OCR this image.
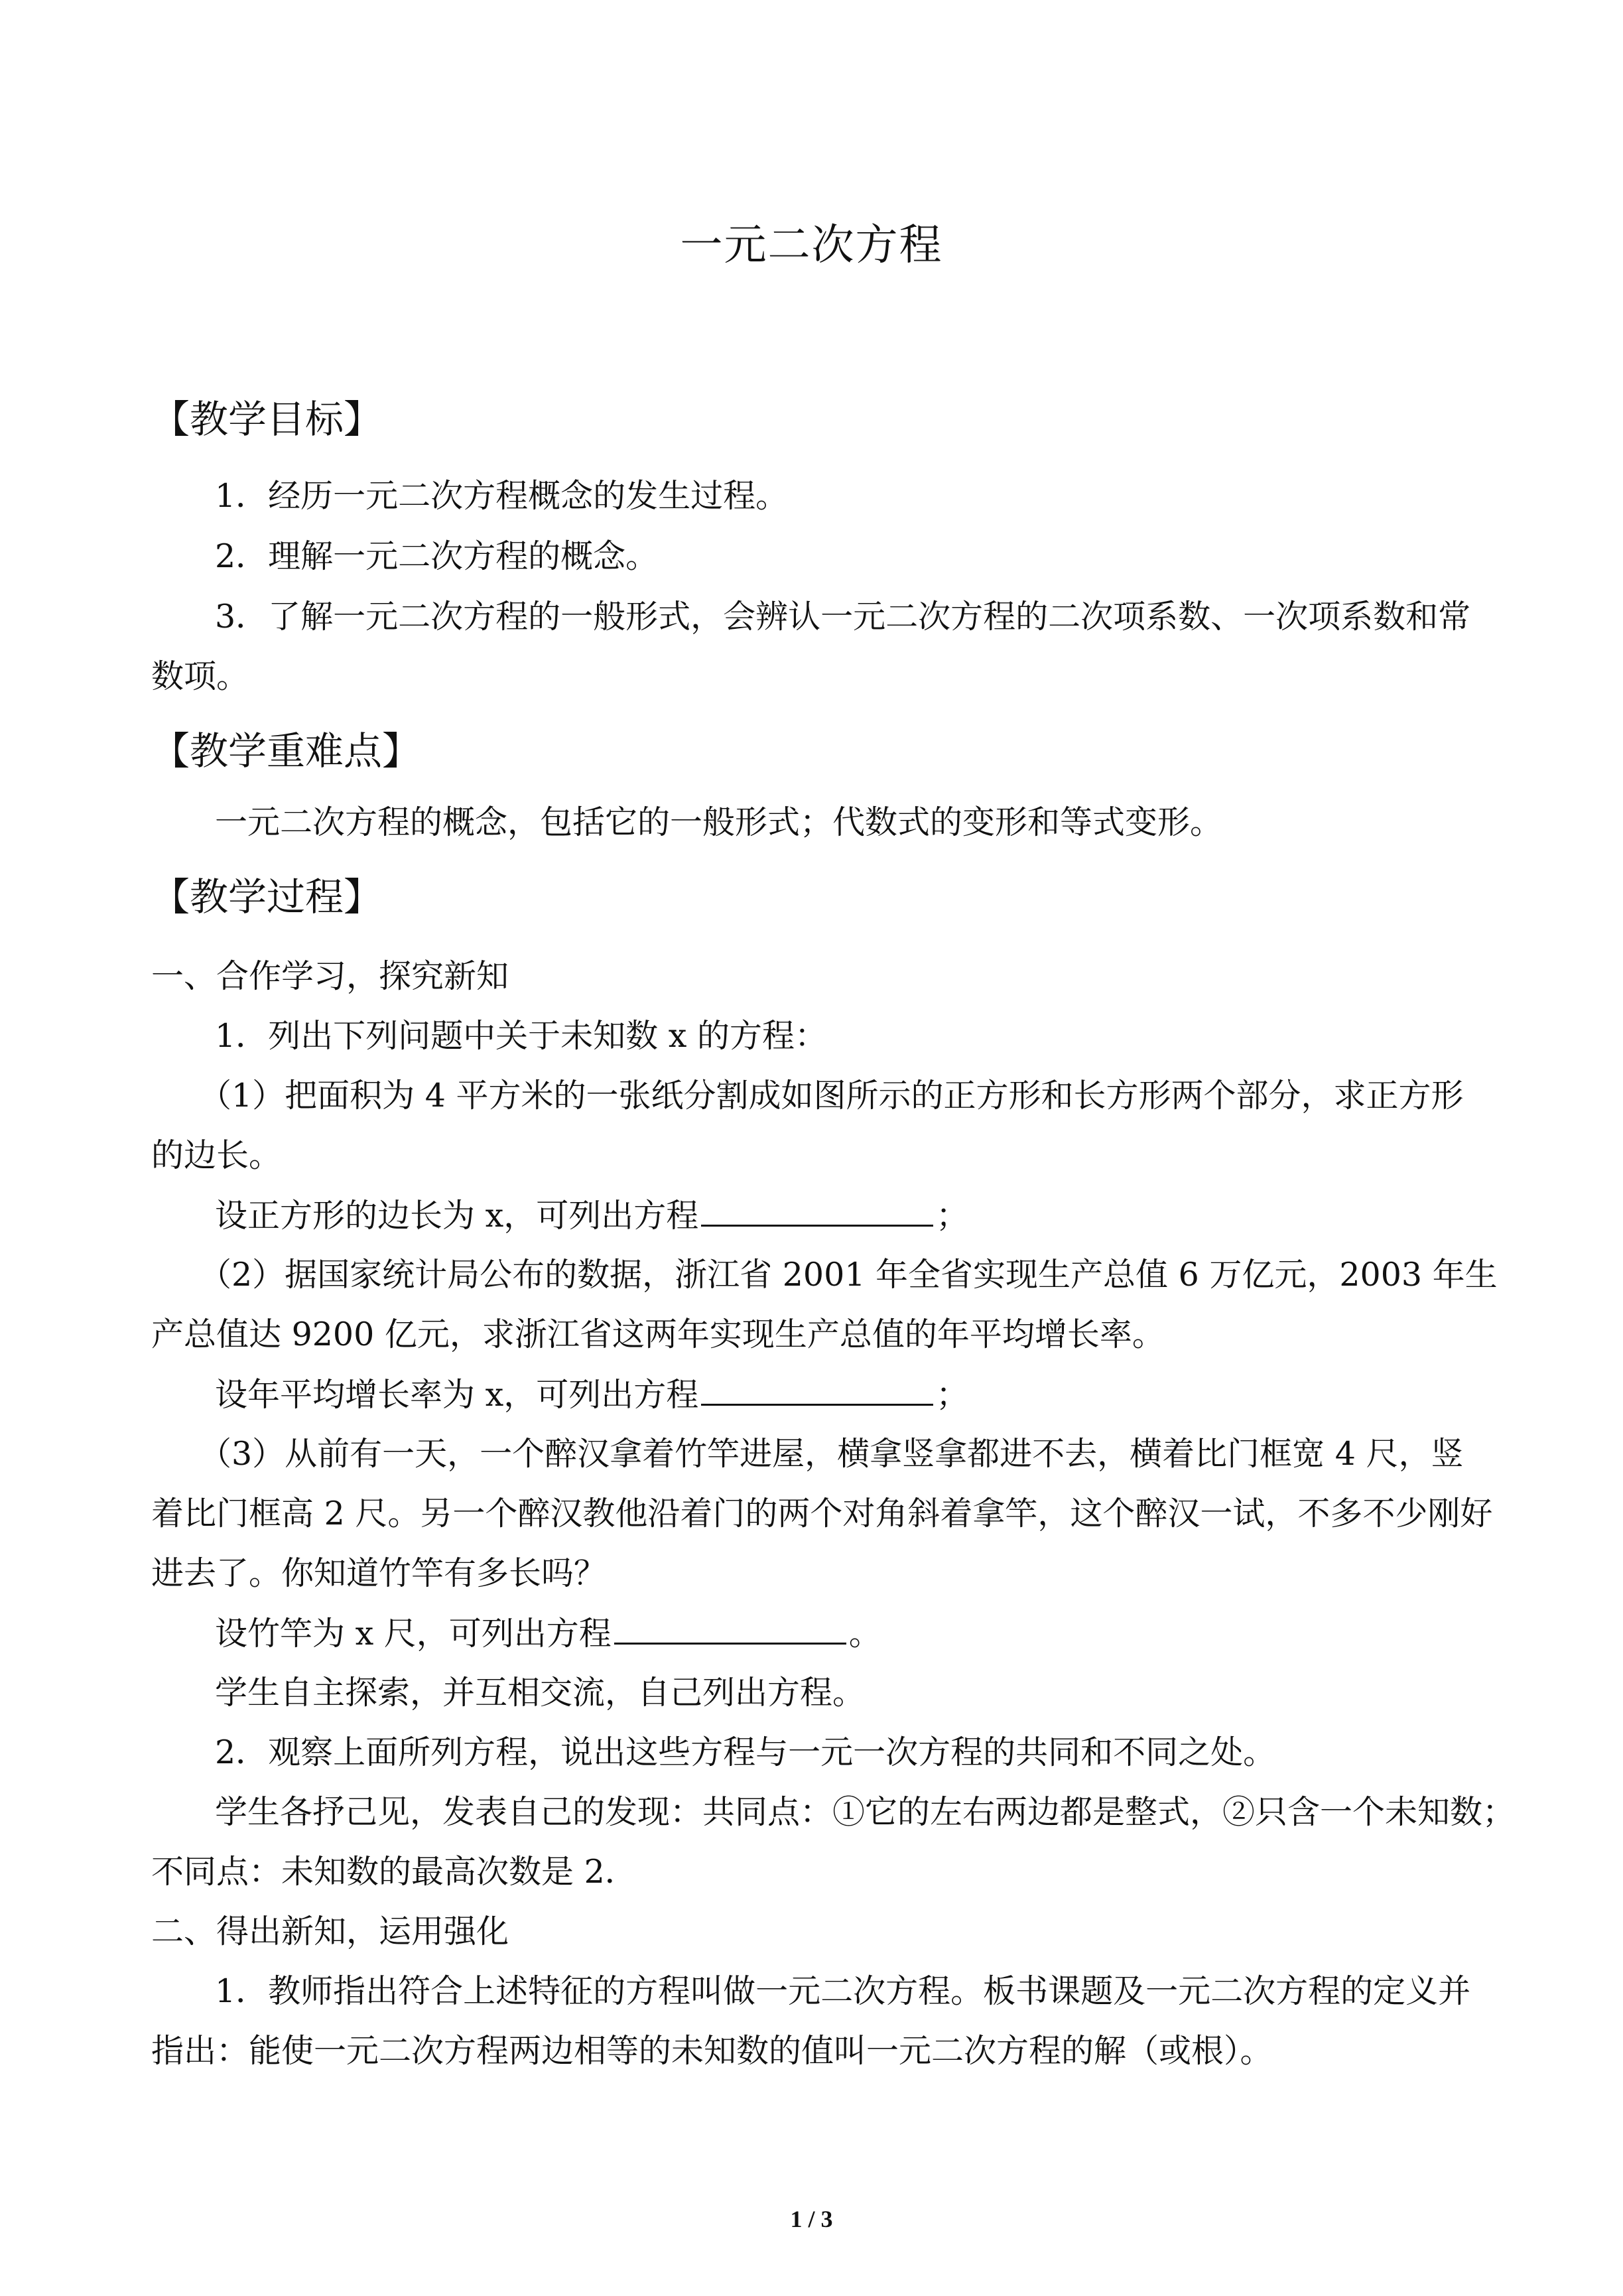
一元二次方程
【教学目标】

1．经历一元二次方程概念的发生过程。

2．理解一元二次方程的概念。

3．了解一元二次方程的一般形式，会辨认一元二次方程的二次项系数、一次项系数和常

数项。

【教学重难点】

一元二次方程的概念，包括它的一般形式；代数式的变形和等式变形。

【教学过程】

一、合作学习，探究新知

1．列出下列问题中关于未知数 x 的方程：

（1）把面积为 4 平方米的一张纸分割成如图所示的正方形和长方形两个部分，求正方形

的边长。

设正方形的边长为 x，可列出方程	；

（2）据国家统计局公布的数据，浙江省 2001 年全省实现生产总值 6 万亿元，2003 年生

产总值达 9200 亿元，求浙江省这两年实现生产总值的年平均增长率。

设年平均增长率为 x，可列出方程	；

（3）从前有一天，一个醉汉拿着竹竿进屋，横拿竖拿都进不去，横着比门框宽 4 尺，竖

着比门框高 2 尺。另一个醉汉教他沿着门的两个对角斜着拿竿，这个醉汉一试，不多不少刚好

进去了。你知道竹竿有多长吗？

设竹竿为 x 尺，可列出方程	。

学生自主探索，并互相交流，自己列出方程。

2．观察上面所列方程，说出这些方程与一元一次方程的共同和不同之处。

学生各抒己见，发表自己的发现：共同点：①它的左右两边都是整式，②只含一个未知数；

不同点：未知数的最高次数是 2．

二、得出新知，运用强化

1．教师指出符合上述特征的方程叫做一元二次方程。板书课题及一元二次方程的定义并

指出：能使一元二次方程两边相等的未知数的值叫一元二次方程的解（或根）。

1 / 3
